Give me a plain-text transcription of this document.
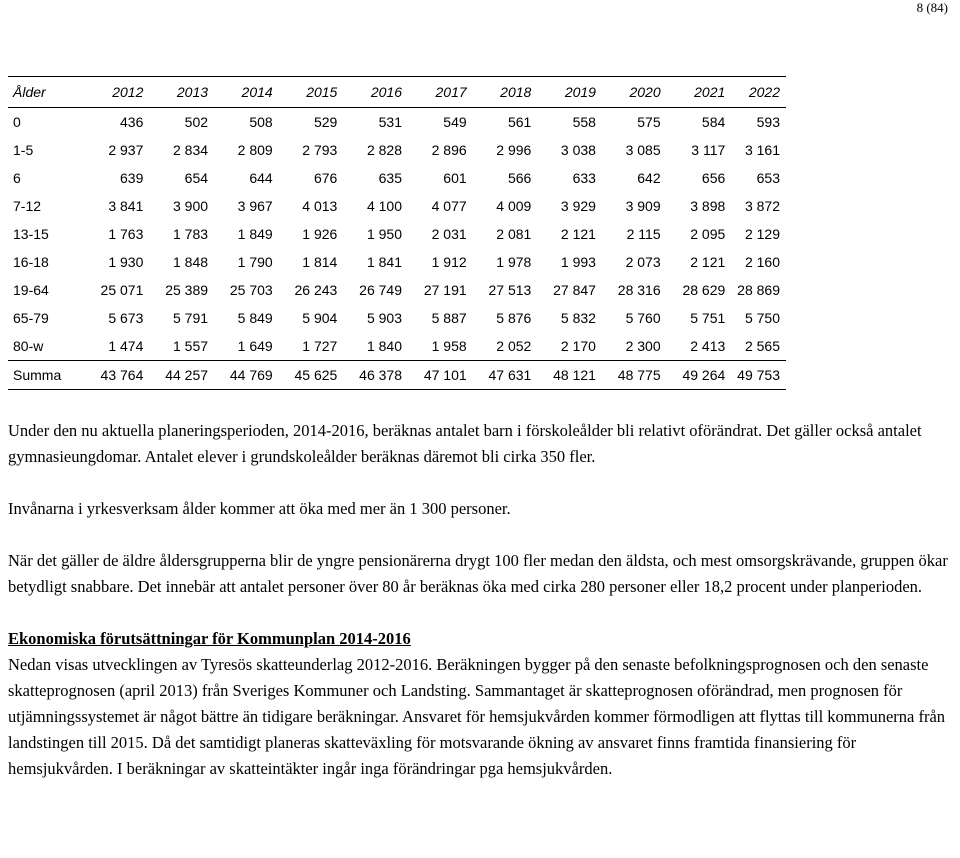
8 (84)
Ålder	2012	2013	2014	2015	2016	2017	2018	2019	2020	2021	2022
0	436	502	508	529	531	549	561	558	575	584	593
1-5	2 937	2 834	2 809	2 793	2 828	2 896	2 996	3 038	3 085	3 117	3 161
6	639	654	644	676	635	601	566	633	642	656	653
7-12	3 841	3 900	3 967	4 013	4 100	4 077	4 009	3 929	3 909	3 898	3 872
13-15	1 763	1 783	1 849	1 926	1 950	2 031	2 081	2 121	2 115	2 095	2 129
16-18	1 930	1 848	1 790	1 814	1 841	1 912	1 978	1 993	2 073	2 121	2 160
19-64	25 071	25 389	25 703	26 243	26 749	27 191	27 513	27 847	28 316	28 629	28 869
65-79	5 673	5 791	5 849	5 904	5 903	5 887	5 876	5 832	5 760	5 751	5 750
80-w	1 474	1 557	1 649	1 727	1 840	1 958	2 052	2 170	2 300	2 413	2 565
Summa	43 764	44 257	44 769	45 625	46 378	47 101	47 631	48 121	48 775	49 264	49 753

Under den nu aktuella planeringsperioden, 2014-2016, beräknas antalet barn i förskoleålder bli relativt oförändrat. Det gäller också antalet gymnasieungdomar. Antalet elever i grundskoleålder beräknas däremot bli cirka 350 fler.

Invånarna i yrkesverksam ålder kommer att öka med mer än 1 300 personer.

När det gäller de äldre åldersgrupperna blir de yngre pensionärerna drygt 100 fler medan den äldsta, och mest omsorgskrävande, gruppen ökar betydligt snabbare. Det innebär att antalet personer över 80 år beräknas öka med cirka 280 personer eller 18,2 procent under planperioden.

Ekonomiska förutsättningar för Kommunplan 2014-2016

Nedan visas utvecklingen av Tyresös skatteunderlag 2012-2016. Beräkningen bygger på den senaste befolkningsprognosen och den senaste skatteprognosen (april 2013) från Sveriges Kommuner och Landsting. Sammantaget är skatteprognosen oförändrad, men prognosen för utjämningssystemet är något bättre än tidigare beräkningar. Ansvaret för hemsjukvården kommer förmodligen att flyttas till kommunerna från landstingen till 2015. Då det samtidigt planeras skatteväxling för motsvarande ökning av ansvaret finns framtida finansiering för hemsjukvården. I beräkningar av skatteintäkter ingår inga förändringar pga hemsjukvården.
